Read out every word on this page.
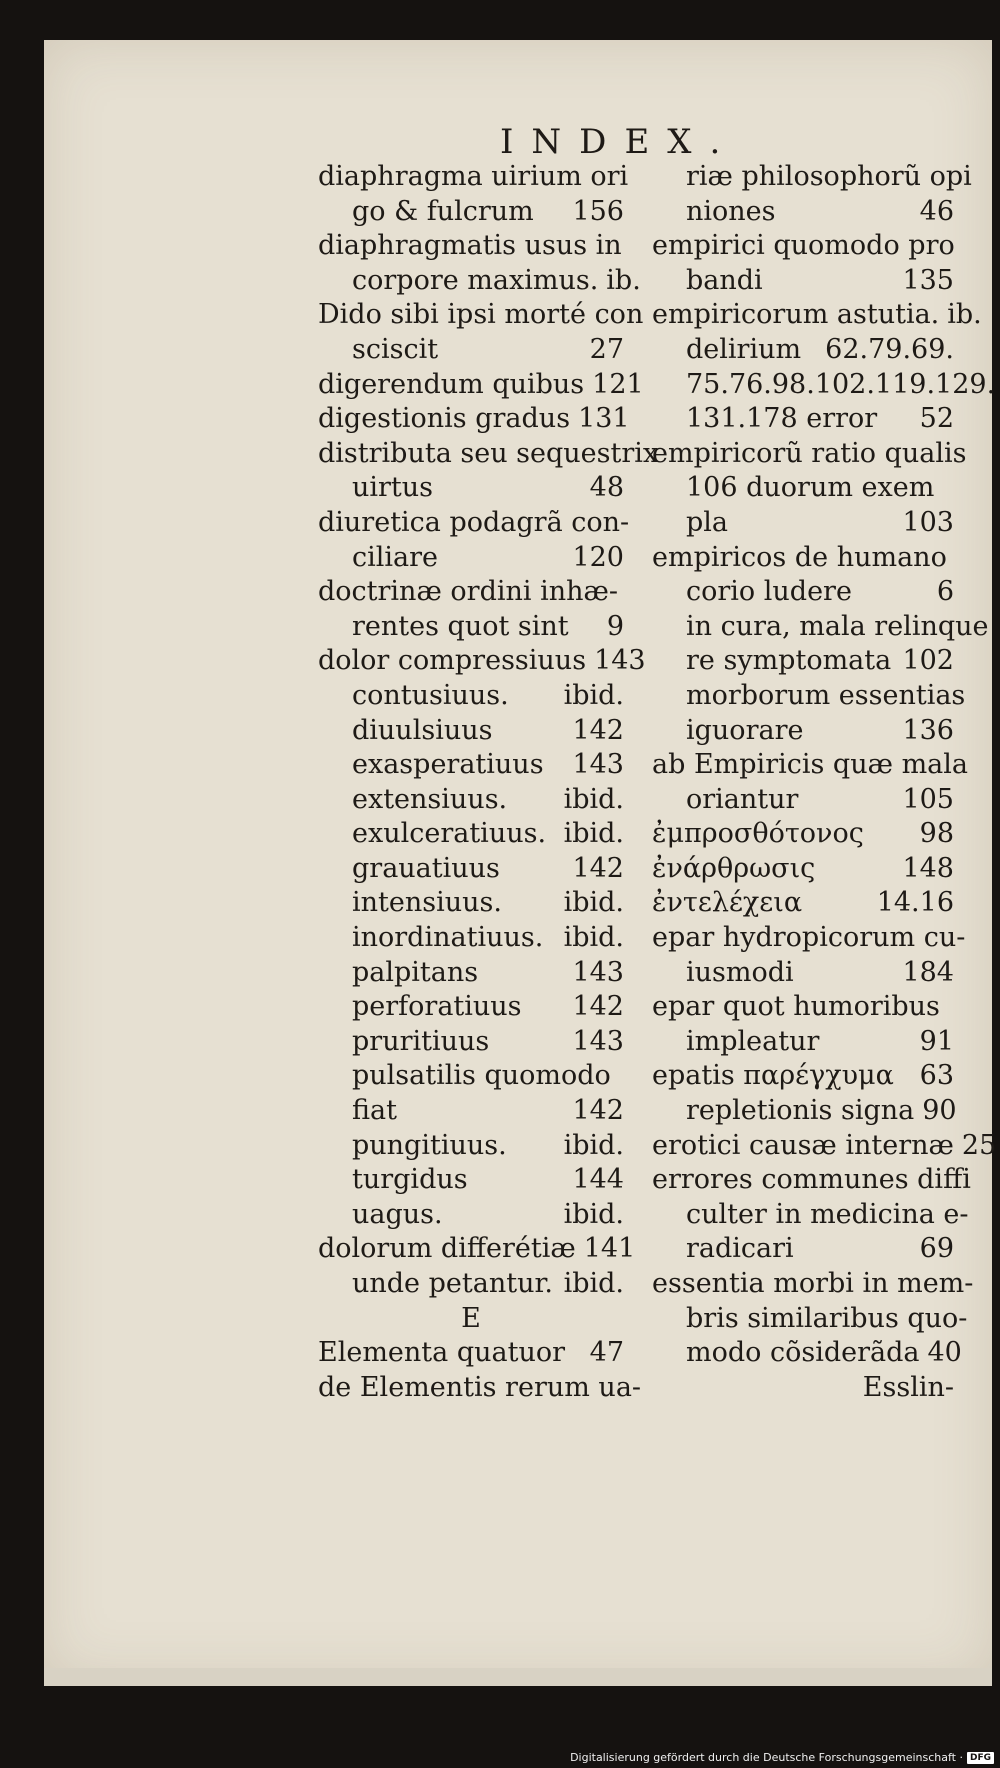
INDEX.
diaphragma uirium ori
go & fulcrum 156
diaphragmatis usus in
corpore maximus. ib.
Dido sibi ipsi morté con
sciscit	27
digerendum quibus 121
digestionis gradus 131
distributa seu sequestrix
uirtus	48
diuretica podagrã con-
ciliare	120
doctrinæ ordini inhæ-
rentes quot sint 9
dolor compressiuus 143
contusiuus. ibid.
diuulsiuus	142
exasperatiuus 143
extensiuus. ibid.
exulceratiuus. ibid.
grauatiuus	142
intensiuus. ibid.
inordinatiuus. ibid.
palpitans	143
perforatiuus 142
pruritiuus	143
pulsatilis quomodo
fiat	142
pungitiuus. ibid.
turgidus	144
uagus.	ibid.
dolorum differétiæ 141
unde petantur. ibid.
E
Elementa quatuor 47
de Elementis rerum ua-
riæ philosophorũ opi
niones	46
empirici quomodo pro
bandi	135
empiricorum astutia. ib.
delirium 62.79.69.
75.76.98.102.119.129.
131.178 error 52
empiricorũ ratio qualis
106 duorum exem
pla	103
empiricos de humano
corio ludere	6
in cura, mala relinque
re symptomata 102
morborum essentias
iguorare	136
ab Empiricis quæ mala
oriantur	105
ἐμπροσθότονος 98
ἐνάρθρωσις	148
ἐντελέχεια	14.16
epar hydropicorum cu-
iusmodi	184
epar quot humoribus
impleatur	91
epatis παρέγχυμα 63
repletionis signa 90
erotici causæ internæ 25
errores communes diffi
culter in medicina e-
radicari	69
essentia morbi in mem-
bris similaribus quo-
modo cõsiderãda 40
Esslin-
Digitalisierung gefördert durch die Deutsche Forschungsgemeinschaft · DFG
